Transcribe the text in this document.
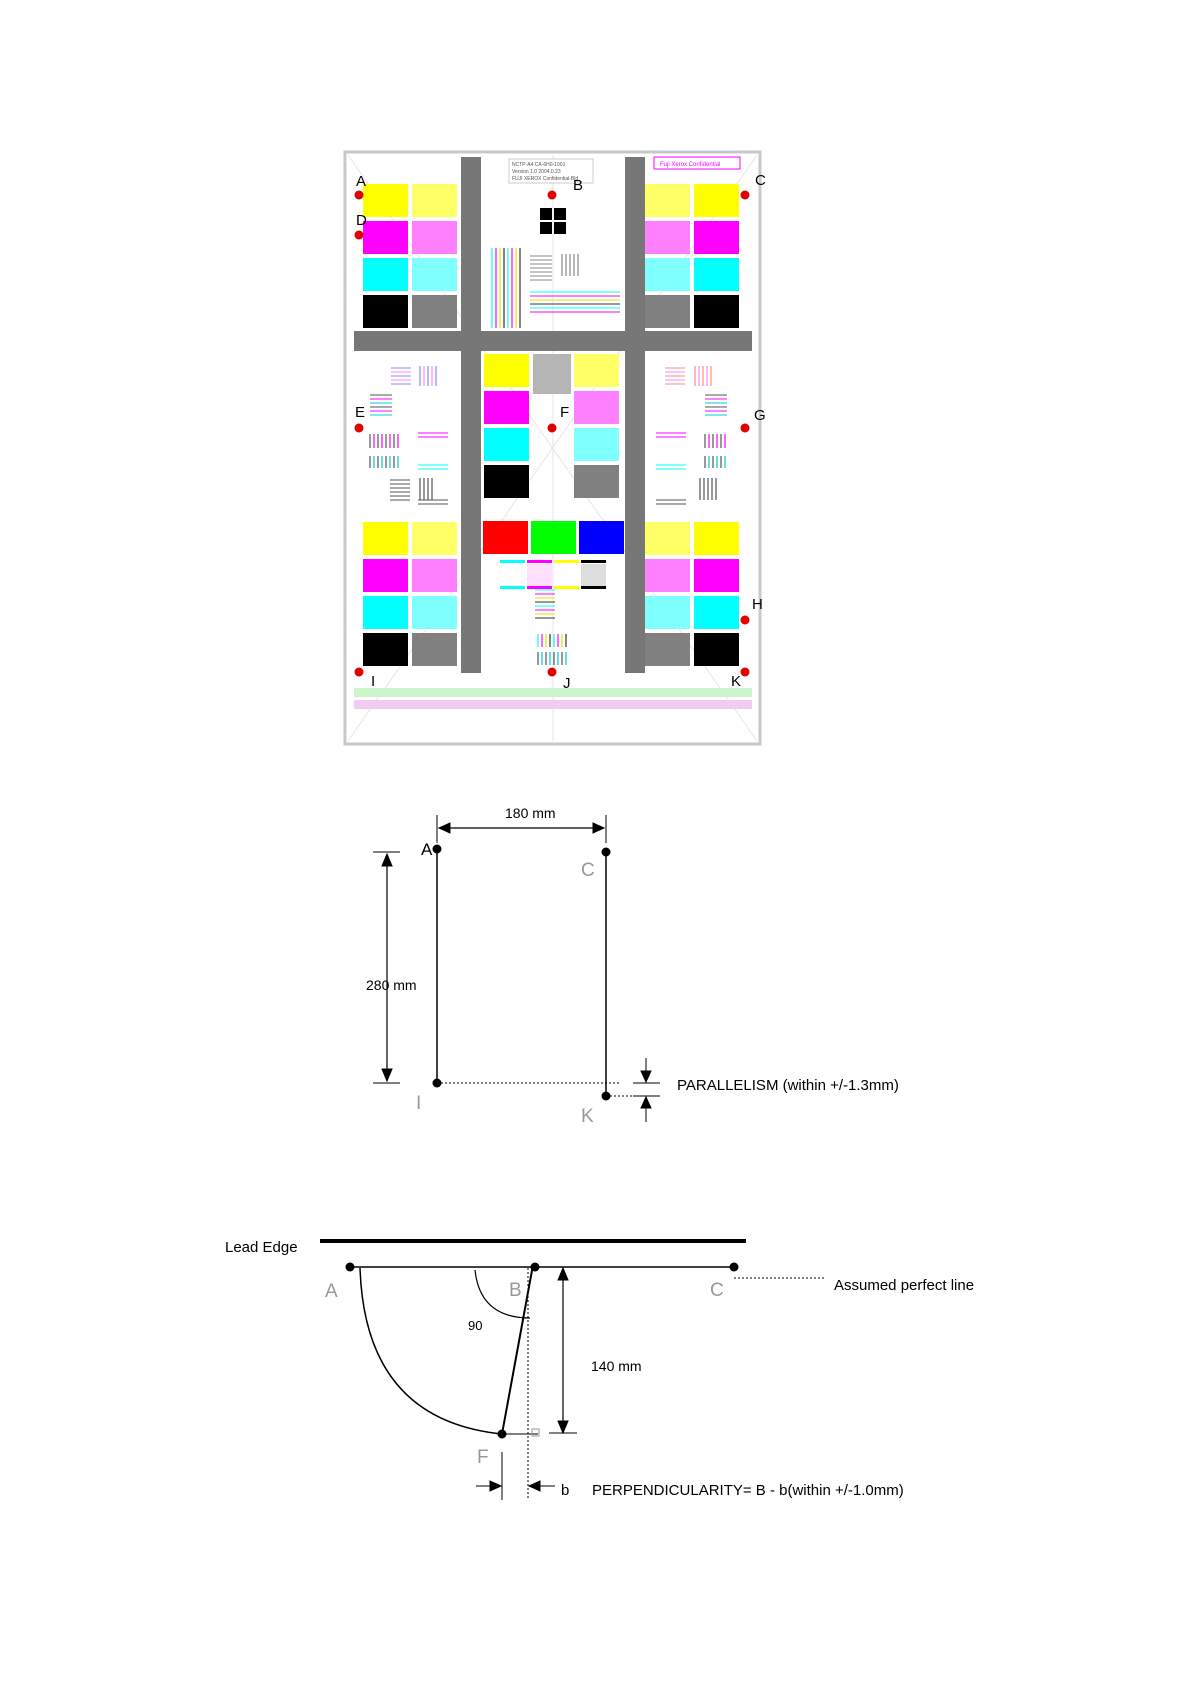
NCTP-A4 CA-6H0-1001
Version 1.0 2004.0.23
FUJI XEROX Confidential-Bld
Fuji Xerox Confidential
A	B	C
D
E	F	G
H
I	J	K
A
C
I
K
180 mm
280 mm
PARALLELISM (within +/-1.3mm)
Lead Edge
A	B	C
F
Assumed perfect line
90
140 mm
b PERPENDICULARITY= B - b(within +/-1.0mm)
